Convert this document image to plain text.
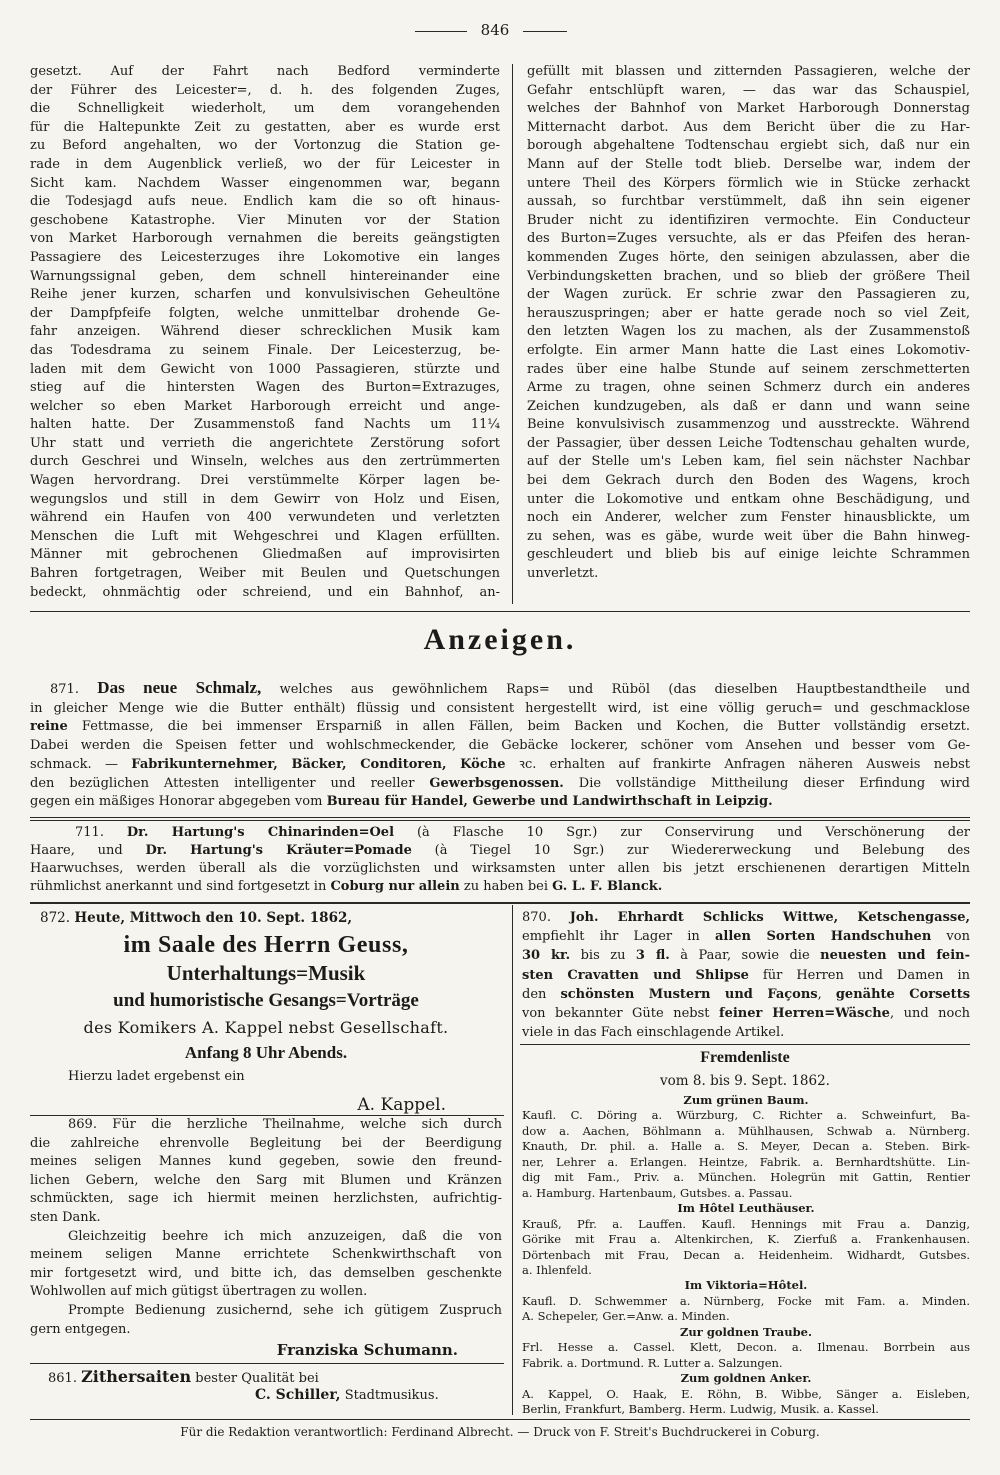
846
gesetzt. Auf der Fahrt nach Bedford verminderte
der Führer des Leicester=, d. h. des folgenden Zuges,
die Schnelligkeit wiederholt, um dem vorangehenden
für die Haltepunkte Zeit zu gestatten, aber es wurde erst
zu Beford angehalten, wo der Vortonzug die Station ge-
rade in dem Augenblick verließ, wo der für Leicester in
Sicht kam. Nachdem Wasser eingenommen war, begann
die Todesjagd aufs neue. Endlich kam die so oft hinaus-
geschobene Katastrophe. Vier Minuten vor der Station
von Market Harborough vernahmen die bereits geängstigten
Passagiere des Leicesterzuges ihre Lokomotive ein langes
Warnungssignal geben, dem schnell hintereinander eine
Reihe jener kurzen, scharfen und konvulsivischen Geheultöne
der Dampfpfeife folgten, welche unmittelbar drohende Ge-
fahr anzeigen. Während dieser schrecklichen Musik kam
das Todesdrama zu seinem Finale. Der Leicesterzug, be-
laden mit dem Gewicht von 1000 Passagieren, stürzte und
stieg auf die hintersten Wagen des Burton=Extrazuges,
welcher so eben Market Harborough erreicht und ange-
halten hatte. Der Zusammenstoß fand Nachts um 11¼
Uhr statt und verrieth die angerichtete Zerstörung sofort
durch Geschrei und Winseln, welches aus den zertrümmerten
Wagen hervordrang. Drei verstümmelte Körper lagen be-
wegungslos und still in dem Gewirr von Holz und Eisen,
während ein Haufen von 400 verwundeten und verletzten
Menschen die Luft mit Wehgeschrei und Klagen erfüllten.
Männer mit gebrochenen Gliedmaßen auf improvisirten
Bahren fortgetragen, Weiber mit Beulen und Quetschungen
bedeckt, ohnmächtig oder schreiend, und ein Bahnhof, an-
gefüllt mit blassen und zitternden Passagieren, welche der
Gefahr entschlüpft waren, — das war das Schauspiel,
welches der Bahnhof von Market Harborough Donnerstag
Mitternacht darbot. Aus dem Bericht über die zu Har-
borough abgehaltene Todtenschau ergiebt sich, daß nur ein
Mann auf der Stelle todt blieb. Derselbe war, indem der
untere Theil des Körpers förmlich wie in Stücke zerhackt
aussah, so furchtbar verstümmelt, daß ihn sein eigener
Bruder nicht zu identifiziren vermochte. Ein Conducteur
des Burton=Zuges versuchte, als er das Pfeifen des heran-
kommenden Zuges hörte, den seinigen abzulassen, aber die
Verbindungsketten brachen, und so blieb der größere Theil
der Wagen zurück. Er schrie zwar den Passagieren zu,
herauszuspringen; aber er hatte gerade noch so viel Zeit,
den letzten Wagen los zu machen, als der Zusammenstoß
erfolgte. Ein armer Mann hatte die Last eines Lokomotiv-
rades über eine halbe Stunde auf seinem zerschmetterten
Arme zu tragen, ohne seinen Schmerz durch ein anderes
Zeichen kundzugeben, als daß er dann und wann seine
Beine konvulsivisch zusammenzog und ausstreckte. Während
der Passagier, über dessen Leiche Todtenschau gehalten wurde,
auf der Stelle um's Leben kam, fiel sein nächster Nachbar
bei dem Gekrach durch den Boden des Wagens, kroch
unter die Lokomotive und entkam ohne Beschädigung, und
noch ein Anderer, welcher zum Fenster hinausblickte, um
zu sehen, was es gäbe, wurde weit über die Bahn hinweg-
geschleudert und blieb bis auf einige leichte Schrammen
unverletzt.
Anzeigen.
871. Das neue Schmalz, welches aus gewöhnlichem Raps= und Rüböl (das dieselben Hauptbestandtheile und
in gleicher Menge wie die Butter enthält) flüssig und consistent hergestellt wird, ist eine völlig geruch= und geschmacklose
reine Fettmasse, die bei immenser Ersparniß in allen Fällen, beim Backen und Kochen, die Butter vollständig ersetzt.
Dabei werden die Speisen fetter und wohlschmeckender, die Gebäcke lockerer, schöner vom Ansehen und besser vom Ge-
schmack. — Fabrikunternehmer, Bäcker, Conditoren, Köche ꝛc. erhalten auf frankirte Anfragen näheren Ausweis nebst
den bezüglichen Attesten intelligenter und reeller Gewerbsgenossen. Die vollständige Mittheilung dieser Erfindung wird
gegen ein mäßiges Honorar abgegeben vom Bureau für Handel, Gewerbe und Landwirthschaft in Leipzig.
711. Dr. Hartung's Chinarinden=Oel (à Flasche 10 Sgr.) zur Conservirung und Verschönerung der
Haare, und Dr. Hartung's Kräuter=Pomade (à Tiegel 10 Sgr.) zur Wiedererweckung und Belebung des
Haarwuchses, werden überall als die vorzüglichsten und wirksamsten unter allen bis jetzt erschienenen derartigen Mitteln
rühmlichst anerkannt und sind fortgesetzt in Coburg nur allein zu haben bei G. L. F. Blanck.
872. Heute, Mittwoch den 10. Sept. 1862,
im Saale des Herrn Geuss,
Unterhaltungs=Musik
und humoristische Gesangs=Vorträge
des Komikers A. Kappel nebst Gesellschaft.
Anfang 8 Uhr Abends.
Hierzu ladet ergebenst ein
A. Kappel.
869. Für die herzliche Theilnahme, welche sich durch
die zahlreiche ehrenvolle Begleitung bei der Beerdigung
meines seligen Mannes kund gegeben, sowie den freund-
lichen Gebern, welche den Sarg mit Blumen und Kränzen
schmückten, sage ich hiermit meinen herzlichsten, aufrichtig-
sten Dank.
Gleichzeitig beehre ich mich anzuzeigen, daß die von
meinem seligen Manne errichtete Schenkwirthschaft von
mir fortgesetzt wird, und bitte ich, das demselben geschenkte
Wohlwollen auf mich gütigst übertragen zu wollen.
Prompte Bedienung zusichernd, sehe ich gütigem Zuspruch
gern entgegen.
Franziska Schumann.
861. Zithersaiten bester Qualität bei
C. Schiller, Stadtmusikus.
870. Joh. Ehrhardt Schlicks Wittwe, Ketschengasse,
empfiehlt ihr Lager in allen Sorten Handschuhen von
30 kr. bis zu 3 fl. à Paar, sowie die neuesten und fein-
sten Cravatten und Shlipse für Herren und Damen in
den schönsten Mustern und Façons, genähte Corsetts
von bekannter Güte nebst feiner Herren=Wäsche, und noch
viele in das Fach einschlagende Artikel.
Fremdenliste
vom 8. bis 9. Sept. 1862.
Zum grünen Baum.
Kaufl. C. Döring a. Würzburg, C. Richter a. Schweinfurt, Ba-
dow a. Aachen, Böhlmann a. Mühlhausen, Schwab a. Nürnberg.
Knauth, Dr. phil. a. Halle a. S. Meyer, Decan a. Steben. Birk-
ner, Lehrer a. Erlangen. Heintze, Fabrik. a. Bernhardtshütte. Lin-
dig mit Fam., Priv. a. München. Holegrün mit Gattin, Rentier
a. Hamburg. Hartenbaum, Gutsbes. a. Passau.
Im Hôtel Leuthäuser.
Krauß, Pfr. a. Lauffen. Kaufl. Hennings mit Frau a. Danzig,
Görike mit Frau a. Altenkirchen, K. Zierfuß a. Frankenhausen.
Dörtenbach mit Frau, Decan a. Heidenheim. Widhardt, Gutsbes.
a. Ihlenfeld.
Im Viktoria=Hôtel.
Kaufl. D. Schwemmer a. Nürnberg, Focke mit Fam. a. Minden.
A. Schepeler, Ger.=Anw. a. Minden.
Zur goldnen Traube.
Frl. Hesse a. Cassel. Klett, Decon. a. Ilmenau. Borrbein aus
Fabrik. a. Dortmund. R. Lutter a. Salzungen.
Zum goldnen Anker.
A. Kappel, O. Haak, E. Röhn, B. Wibbe, Sänger a. Eisleben,
Berlin, Frankfurt, Bamberg. Herm. Ludwig, Musik. a. Kassel.
Für die Redaktion verantwortlich: Ferdinand Albrecht. — Druck von F. Streit's Buchdruckerei in Coburg.
